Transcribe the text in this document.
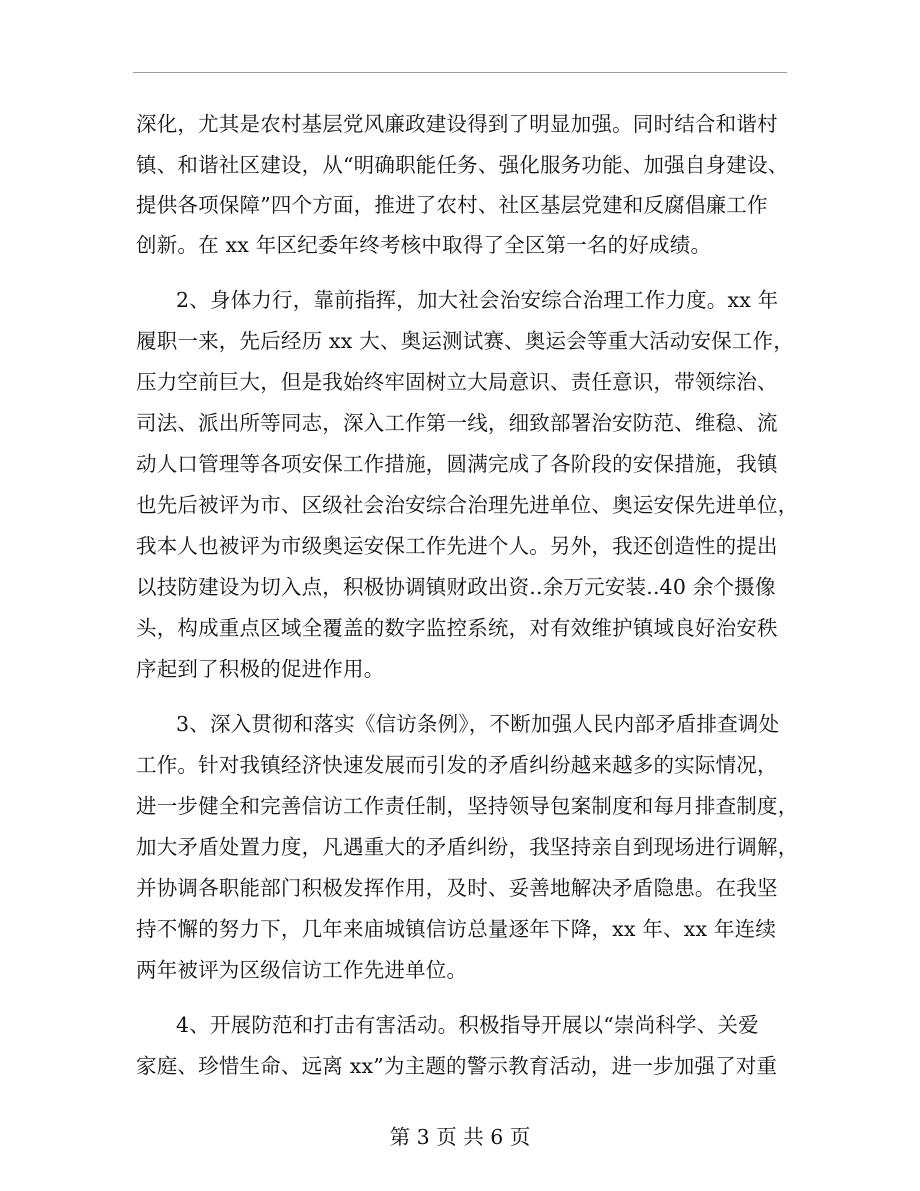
深化，尤其是农村基层党风廉政建设得到了明显加强。同时结合和谐村
镇、和谐社区建设，从“明确职能任务、强化服务功能、加强自身建设、
提供各项保障”四个方面，推进了农村、社区基层党建和反腐倡廉工作
创新。在 xx 年区纪委年终考核中取得了全区第一名的好成绩。
2、身体力行，靠前指挥，加大社会治安综合治理工作力度。xx 年
履职一来，先后经历 xx 大、奥运测试赛、奥运会等重大活动安保工作，
压力空前巨大，但是我始终牢固树立大局意识、责任意识，带领综治、
司法、派出所等同志，深入工作第一线，细致部署治安防范、维稳、流
动人口管理等各项安保工作措施，圆满完成了各阶段的安保措施，我镇
也先后被评为市、区级社会治安综合治理先进单位、奥运安保先进单位，
我本人也被评为市级奥运安保工作先进个人。另外，我还创造性的提出
以技防建设为切入点，积极协调镇财政出资..余万元安装..40 余个摄像
头，构成重点区域全覆盖的数字监控系统，对有效维护镇域良好治安秩
序起到了积极的促进作用。
3、深入贯彻和落实《信访条例》，不断加强人民内部矛盾排查调处
工作。针对我镇经济快速发展而引发的矛盾纠纷越来越多的实际情况，
进一步健全和完善信访工作责任制，坚持领导包案制度和每月排查制度，
加大矛盾处置力度，凡遇重大的矛盾纠纷，我坚持亲自到现场进行调解，
并协调各职能部门积极发挥作用，及时、妥善地解决矛盾隐患。在我坚
持不懈的努力下，几年来庙城镇信访总量逐年下降，xx 年、xx 年连续
两年被评为区级信访工作先进单位。
4、开展防范和打击有害活动。积极指导开展以“崇尚科学、关爱
家庭、珍惜生命、远离 xx”为主题的警示教育活动，进一步加强了对重
第 3 页 共 6 页
